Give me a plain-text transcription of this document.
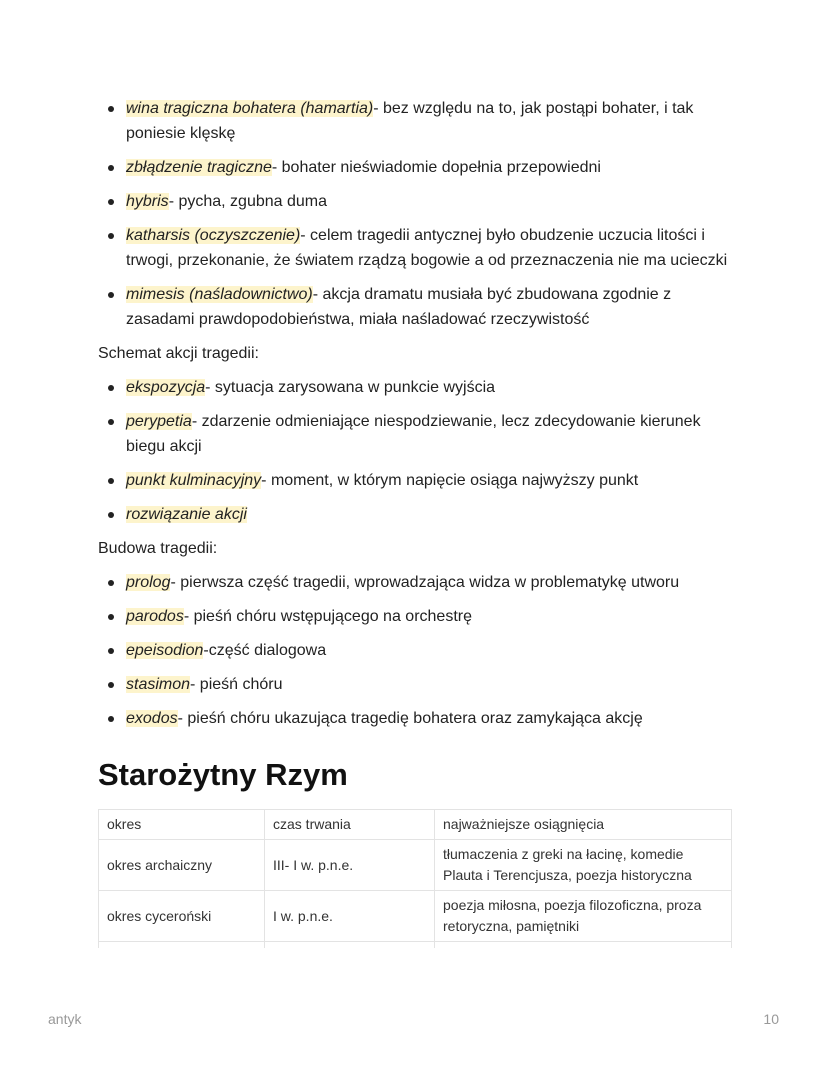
wina tragiczna bohatera (hamartia)- bez względu na to, jak postąpi bohater, i tak poniesie klęskę
zbłądzenie tragiczne- bohater nieświadomie dopełnia przepowiedni
hybris- pycha, zgubna duma
katharsis (oczyszczenie)- celem tragedii antycznej było obudzenie uczucia litości i trwogi, przekonanie, że światem rządzą bogowie a od przeznaczenia nie ma ucieczki
mimesis (naśladownictwo)- akcja dramatu musiała być zbudowana zgodnie z zasadami prawdopodobieństwa, miała naśladować rzeczywistość

Schemat akcji tragedii:

ekspozycja- sytuacja zarysowana w punkcie wyjścia
perypetia- zdarzenie odmieniające niespodziewanie, lecz zdecydowanie kierunek biegu akcji
punkt kulminacyjny- moment, w którym napięcie osiąga najwyższy punkt
rozwiązanie akcji

Budowa tragedii:

prolog- pierwsza część tragedii, wprowadzająca widza w problematykę utworu
parodos- pieśń chóru wstępującego na orchestrę
epeisodion-część dialogowa
stasimon- pieśń chóru
exodos- pieśń chóru ukazująca tragedię bohatera oraz zamykająca akcję
Starożytny Rzym
okres	czas trwania	najważniejsze osiągnięcia
okres archaiczny	III- I w. p.n.e.	tłumaczenia z greki na łacinę, komedie Plauta i Terencjusza, poezja historyczna
okres cyceroński	I w. p.n.e.	poezja miłosna, poezja filozoficzna, proza retoryczna, pamiętniki

antyk	10
